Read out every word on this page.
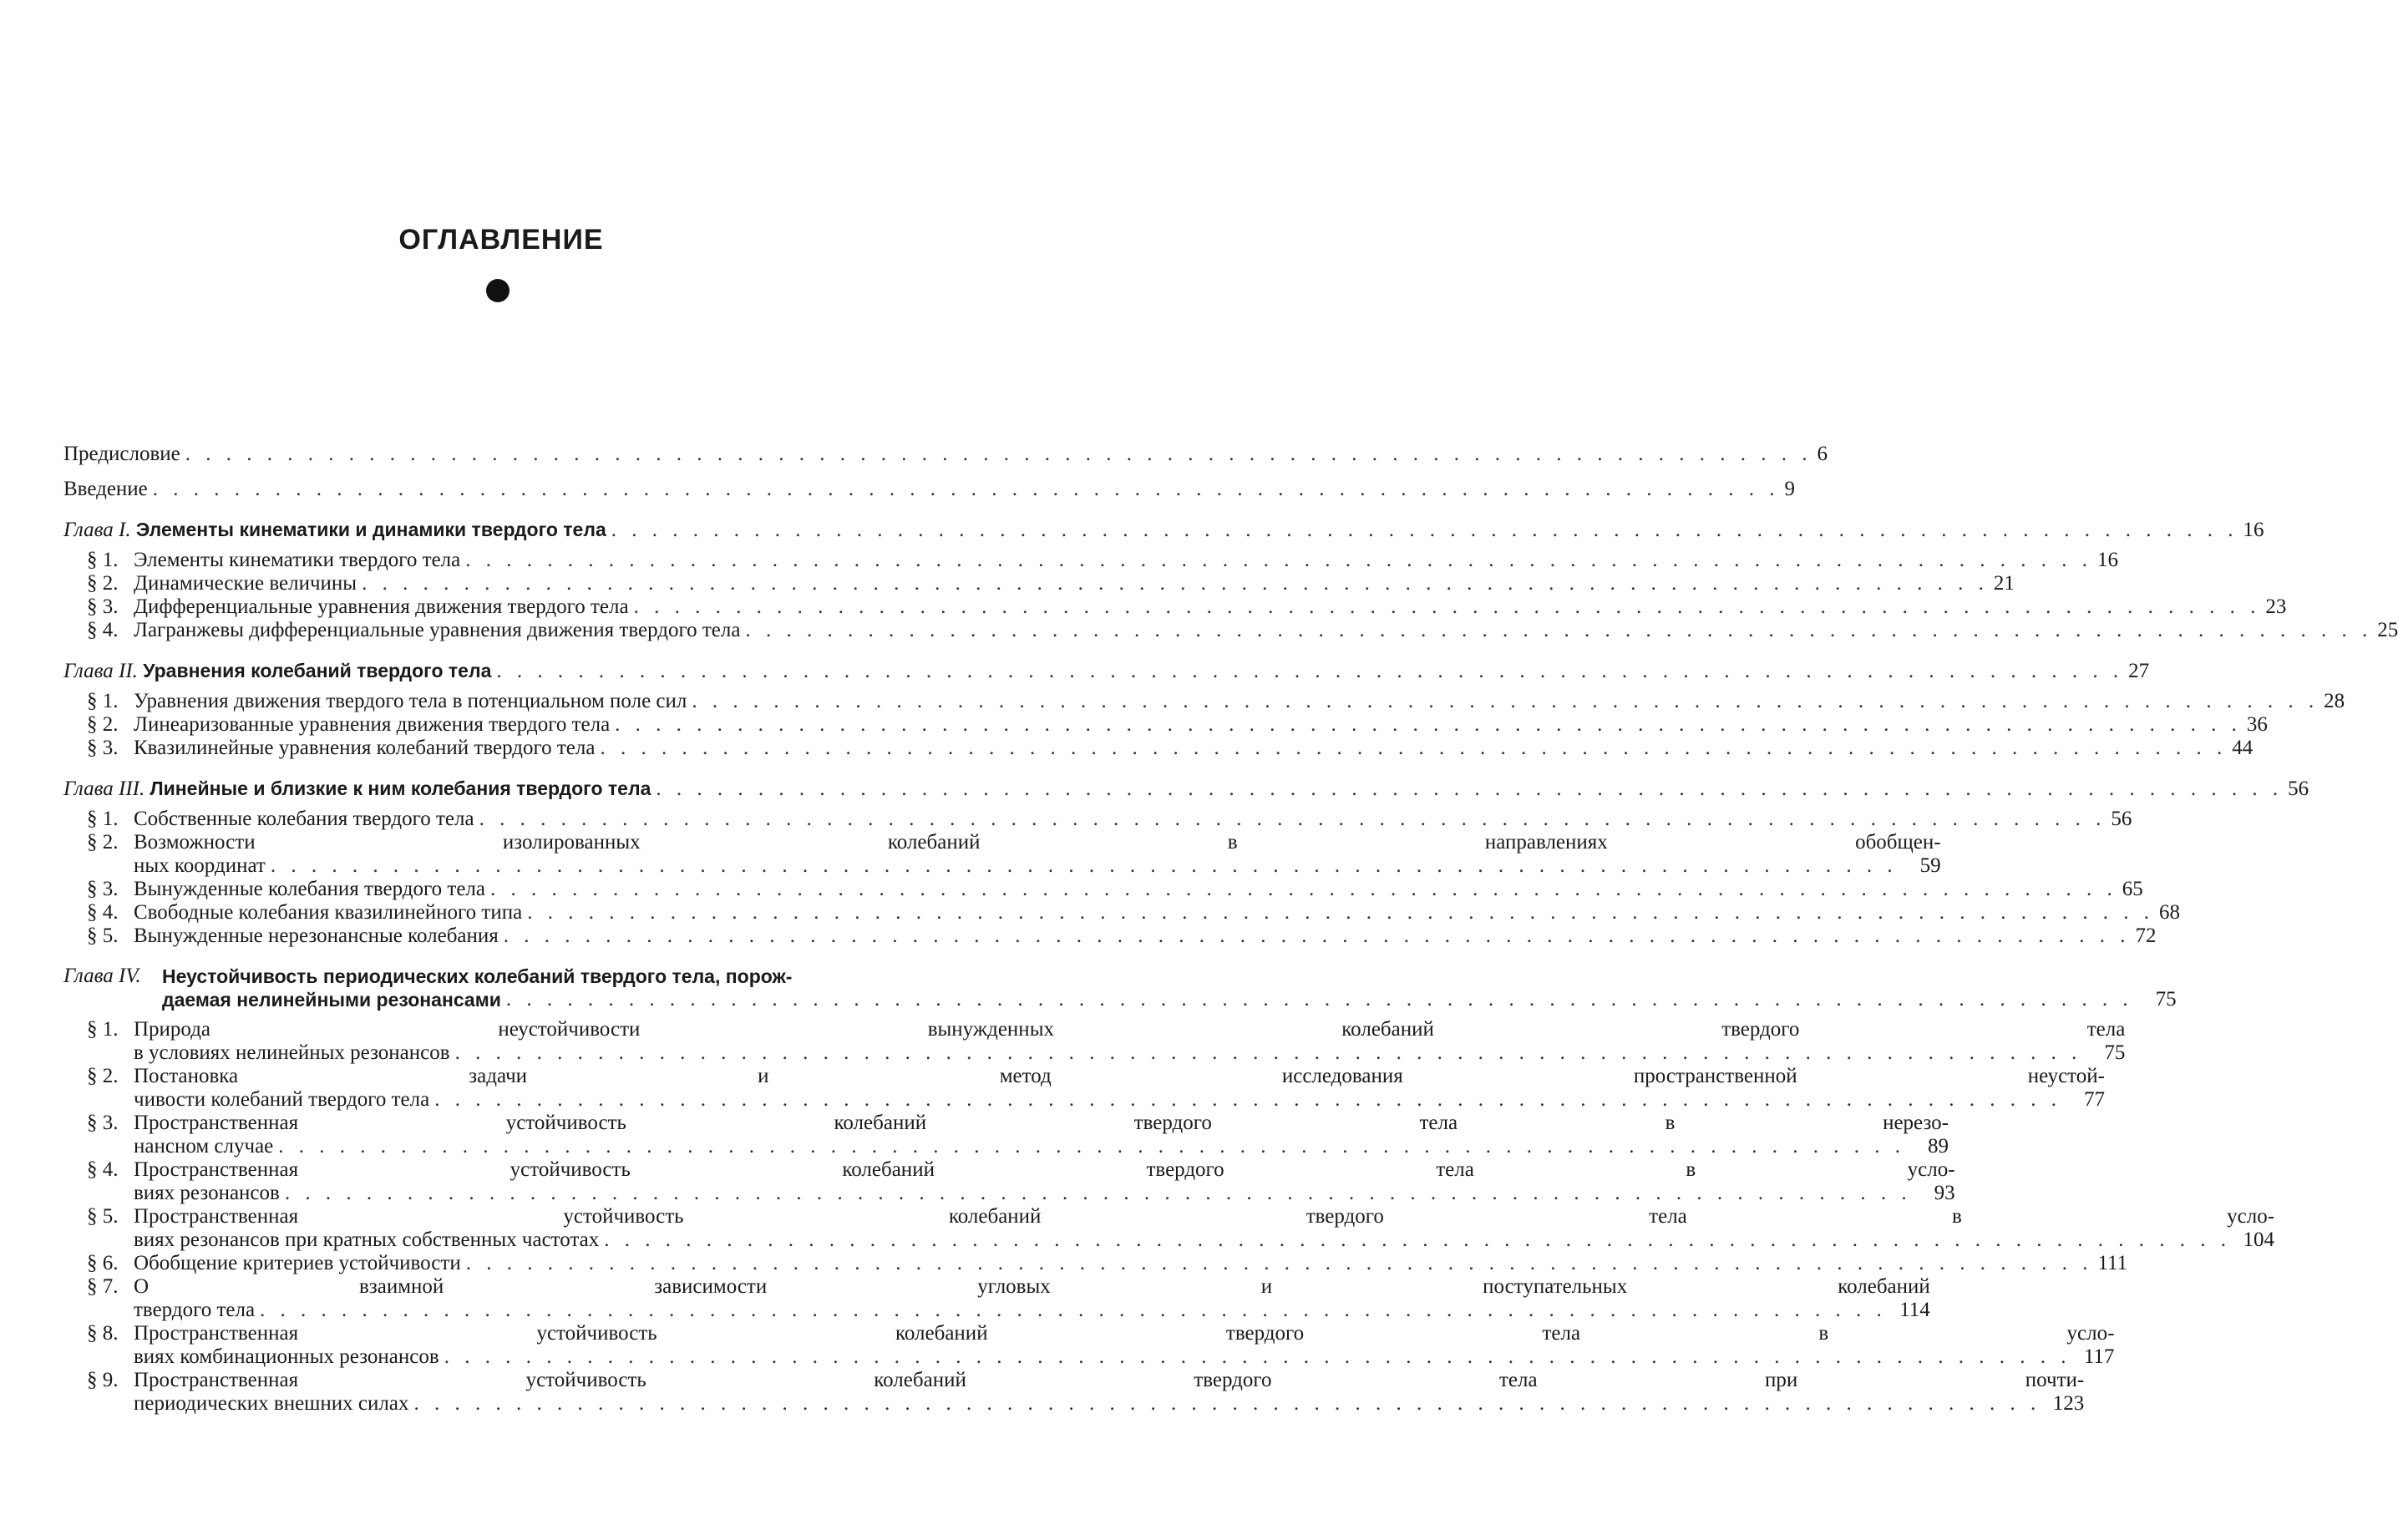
ОГЛАВЛЕНИЕ
Предисловие . . .	6
Введение . . .	9
Глава I. Элементы кинематики и динамики твердого тела . . .	16
§ 1. Элементы кинематики твердого тела . . .	16
§ 2. Динамические величины . . .	21
§ 3. Дифференциальные уравнения движения твердого тела . . .	23
§ 4. Лагранжевы дифференциальные уравнения движения твердого тела . . .	25
Глава II. Уравнения колебаний твердого тела . . .	27
§ 1. Уравнения движения твердого тела в потенциальном поле сил . . .	28
§ 2. Линеаризованные уравнения движения твердого тела . . .	36
§ 3. Квазилинейные уравнения колебаний твердого тела . . .	44
Глава III. Линейные и близкие к ним колебания твердого тела . . .	56
§ 1. Собственные колебания твердого тела . . .	56
§ 2. Возможности изолированных колебаний в направлениях обобщен-
ных координат . . .	59
§ 3. Вынужденные колебания твердого тела . . .	65
§ 4. Свободные колебания квазилинейного типа . . .	68
§ 5. Вынужденные нерезонансные колебания . . .	72
Глава IV.	Неустойчивость периодических колебаний твердого тела, порож-
даемая нелинейными резонансами . . .	75
§ 1. Природа неустойчивости вынужденных колебаний твердого тела
в условиях нелинейных резонансов . . .	75
§ 2. Постановка задачи и метод исследования пространственной неустой-
чивости колебаний твердого тела . . .	77
§ 3. Пространственная устойчивость колебаний твердого тела в нерезо-
нансном случае . . .	89
§ 4. Пространственная устойчивость колебаний твердого тела в усло-
виях резонансов . . .	93
§ 5. Пространственная устойчивость колебаний твердого тела в усло-
виях резонансов при кратных собственных частотах . . .	104
§ 6. Обобщение критериев устойчивости . . .	111
§ 7. О взаимной зависимости угловых и поступательных колебаний
твердого тела . . .	114
§ 8. Пространственная устойчивость колебаний твердого тела в усло-
виях комбинационных резонансов . . .	117
§ 9. Пространственная устойчивость колебаний твердого тела при почти-
периодических внешних силах . . .	123
